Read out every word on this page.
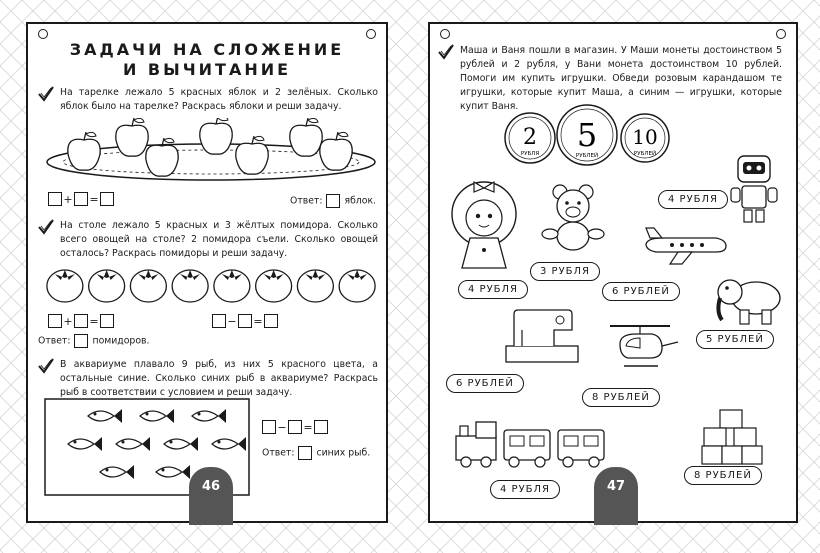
ЗАДАЧИ НА СЛОЖЕНИЕ
И ВЫЧИТАНИЕ
На тарелке лежало 5 красных яблок и 2 зелёных. Сколько яблок было на тарелке? Раскрась яблоки и реши задачу.
+ =	Ответ: яблок.
На столе лежало 5 красных и 3 жёлтых помидора. Сколько всего овощей на столе? 2 помидора съели. Сколько овощей осталось? Раскрась помидоры и реши задачу.
+ =	− =
Ответ: помидоров.
В аквариуме плавало 9 рыб, из них 5 красного цвета, а остальные синие. Сколько синих рыб в аквариуме? Раскрась рыб в соответствии с условием и реши задачу.
− =
Ответ: синих рыб.
46
Маша и Ваня пошли в магазин. У Маши монеты достоинством 5 рублей и 2 рубля, у Вани монета достоинством 10 рублей. Помоги им купить игрушки. Обведи розовым карандашом те игрушки, которые купит Маша, а синим — игрушки, которые купит Ваня.
2
РУБЛЯ 5
РУБЛЕЙ
10
РУБЛЕЙ
4 РУБЛЯ
3 РУБЛЯ
4 РУБЛЯ
6 РУБЛЕЙ
5 РУБЛЕЙ
6 РУБЛЕЙ
8 РУБЛЕЙ
4 РУБЛЯ
8 РУБЛЕЙ
47
